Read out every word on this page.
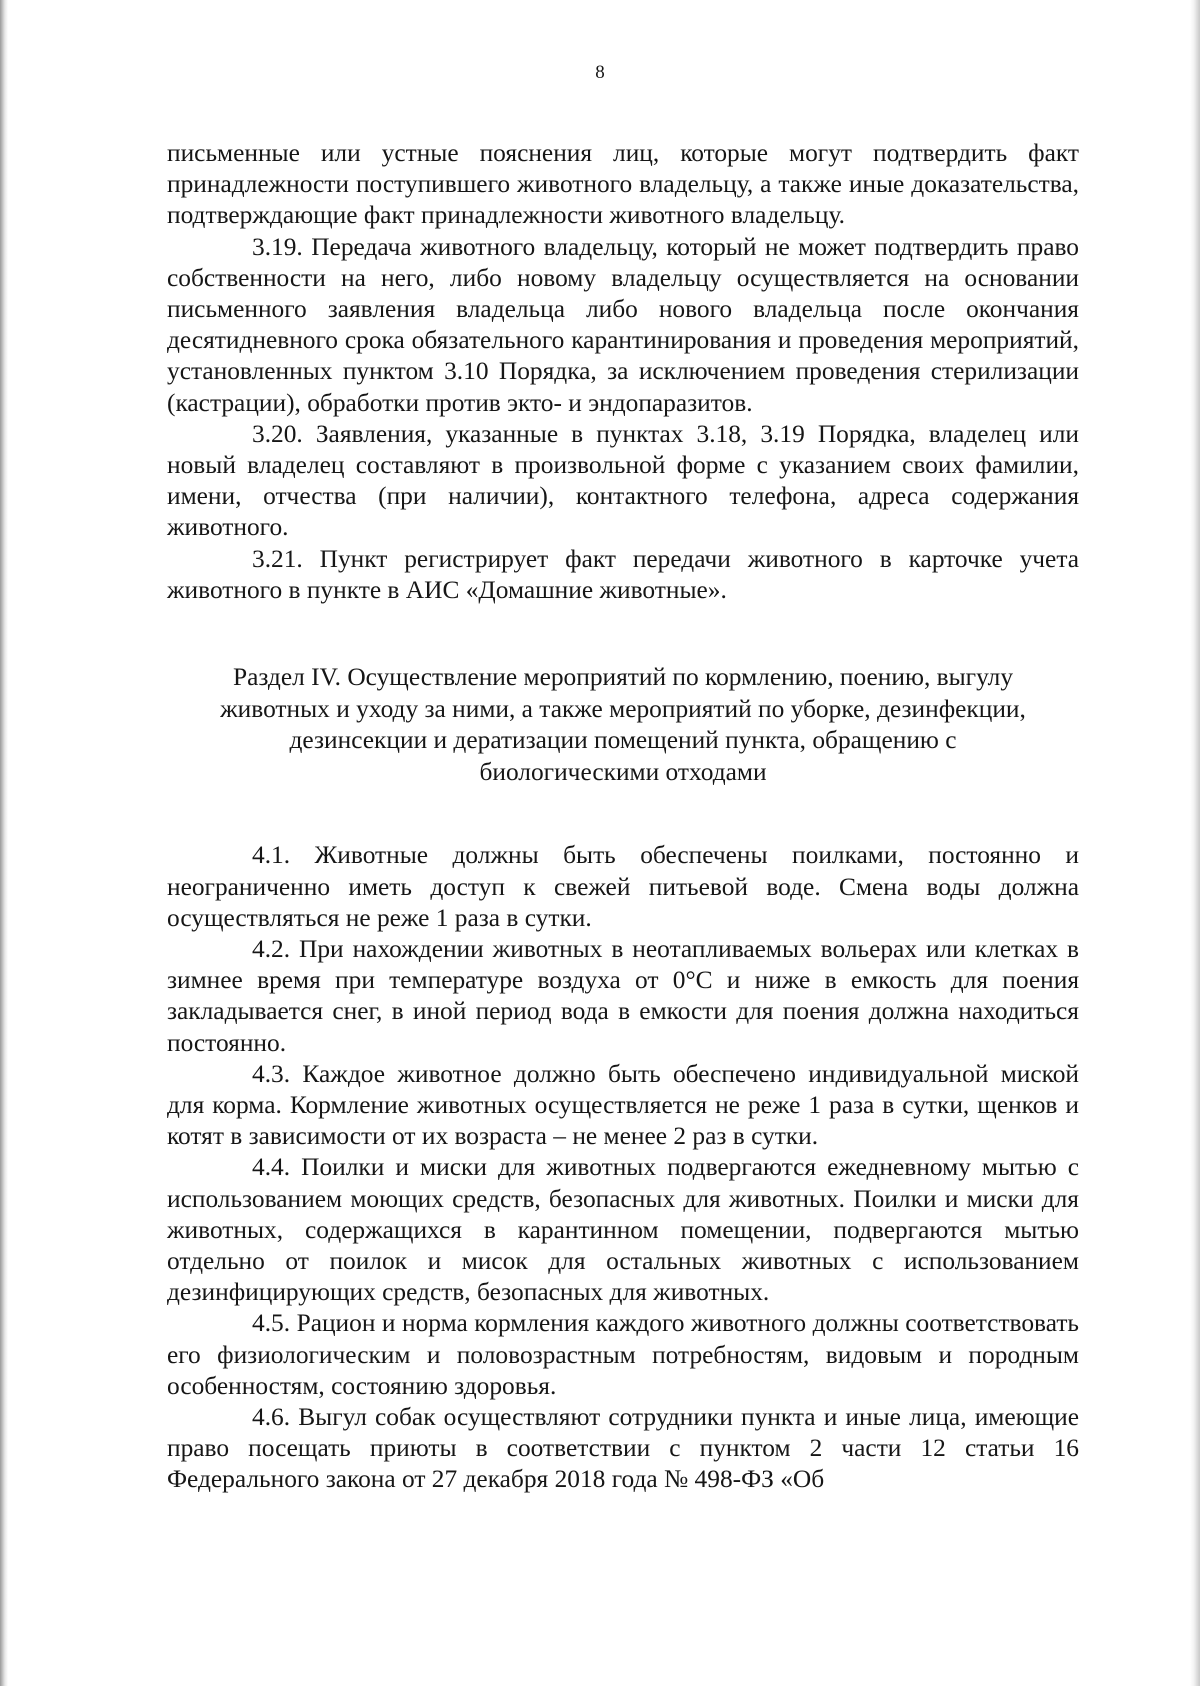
8

письменные или устные пояснения лиц, которые могут подтвердить факт принадлежности поступившего животного владельцу, а также иные доказательства, подтверждающие факт принадлежности животного владельцу.

3.19. Передача животного владельцу, который не может подтвердить право собственности на него, либо новому владельцу осуществляется на основании письменного заявления владельца либо нового владельца после окончания десятидневного срока обязательного карантинирования и проведения мероприятий, установленных пунктом 3.10 Порядка, за исключением проведения стерилизации (кастрации), обработки против экто- и эндопаразитов.

3.20. Заявления, указанные в пунктах 3.18, 3.19 Порядка, владелец или новый владелец составляют в произвольной форме с указанием своих фамилии, имени, отчества (при наличии), контактного телефона, адреса содержания животного.

3.21. Пункт регистрирует факт передачи животного в карточке учета животного в пункте в АИС «Домашние животные».

Раздел IV. Осуществление мероприятий по кормлению, поению, выгулу
животных и уходу за ними, а также мероприятий по уборке, дезинфекции,
дезинсекции и дератизации помещений пункта, обращению с
биологическими отходами

4.1. Животные должны быть обеспечены поилками, постоянно и неограниченно иметь доступ к свежей питьевой воде. Смена воды должна осуществляться не реже 1 раза в сутки.

4.2. При нахождении животных в неотапливаемых вольерах или клетках в зимнее время при температуре воздуха от 0°С и ниже в емкость для поения закладывается снег, в иной период вода в емкости для поения должна находиться постоянно.

4.3. Каждое животное должно быть обеспечено индивидуальной миской для корма. Кормление животных осуществляется не реже 1 раза в сутки, щенков и котят в зависимости от их возраста – не менее 2 раз в сутки.

4.4. Поилки и миски для животных подвергаются ежедневному мытью с использованием моющих средств, безопасных для животных. Поилки и миски для животных, содержащихся в карантинном помещении, подвергаются мытью отдельно от поилок и мисок для остальных животных с использованием дезинфицирующих средств, безопасных для животных.

4.5. Рацион и норма кормления каждого животного должны соответствовать его физиологическим и половозрастным потребностям, видовым и породным особенностям, состоянию здоровья.

4.6. Выгул собак осуществляют сотрудники пункта и иные лица, имеющие право посещать приюты в соответствии с пунктом 2 части 12 статьи 16 Федерального закона от 27 декабря 2018 года № 498-ФЗ «Об
